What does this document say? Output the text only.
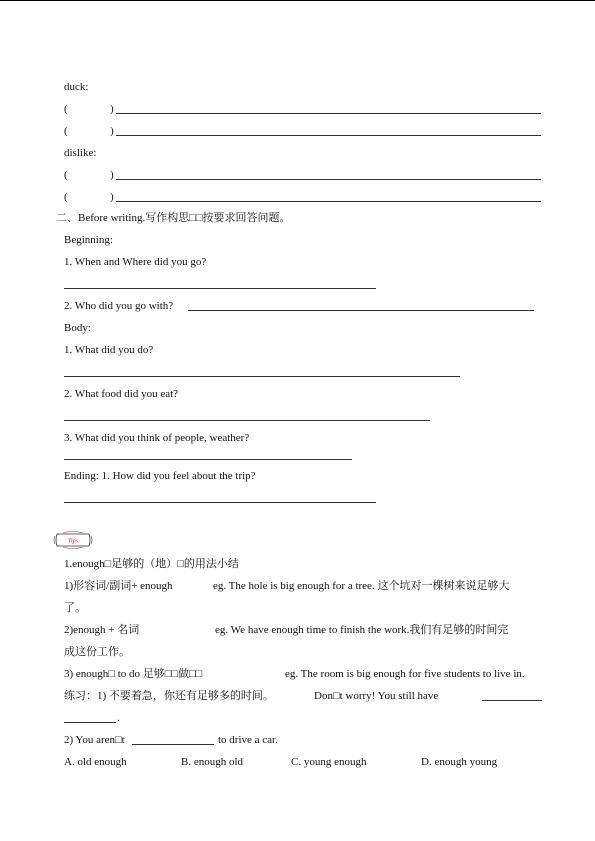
duck:
(	)
(	)
dislike:
(	)
(	)
二、Before writing.写作构思□□按要求回答问题。
Beginning:
1. When and Where did you go?
2. Who did you go with?
Body:
1. What did you do?
2. What food did you eat?
3. What did you think of people, weather?
Ending: 1. How did you feel about the trip?
Tips
1.enough□足够的（地）□的用法小结
1)形容词/副词+ enough	eg. The hole is big enough for a tree. 这个坑对一棵树来说足够大
了。
2)enough + 名词	eg. We have enough time to finish the work.我们有足够的时间完
成这份工作。
3) enough□ to do 足够□□做□□	eg. The room is big enough for five students to live in.
练习：1) 不要着急，你还有足够多的时间。	Don□t worry! You still have
.
2) You aren□t	to drive a car.
A. old enough	B. enough old	C. young enough	D. enough young
